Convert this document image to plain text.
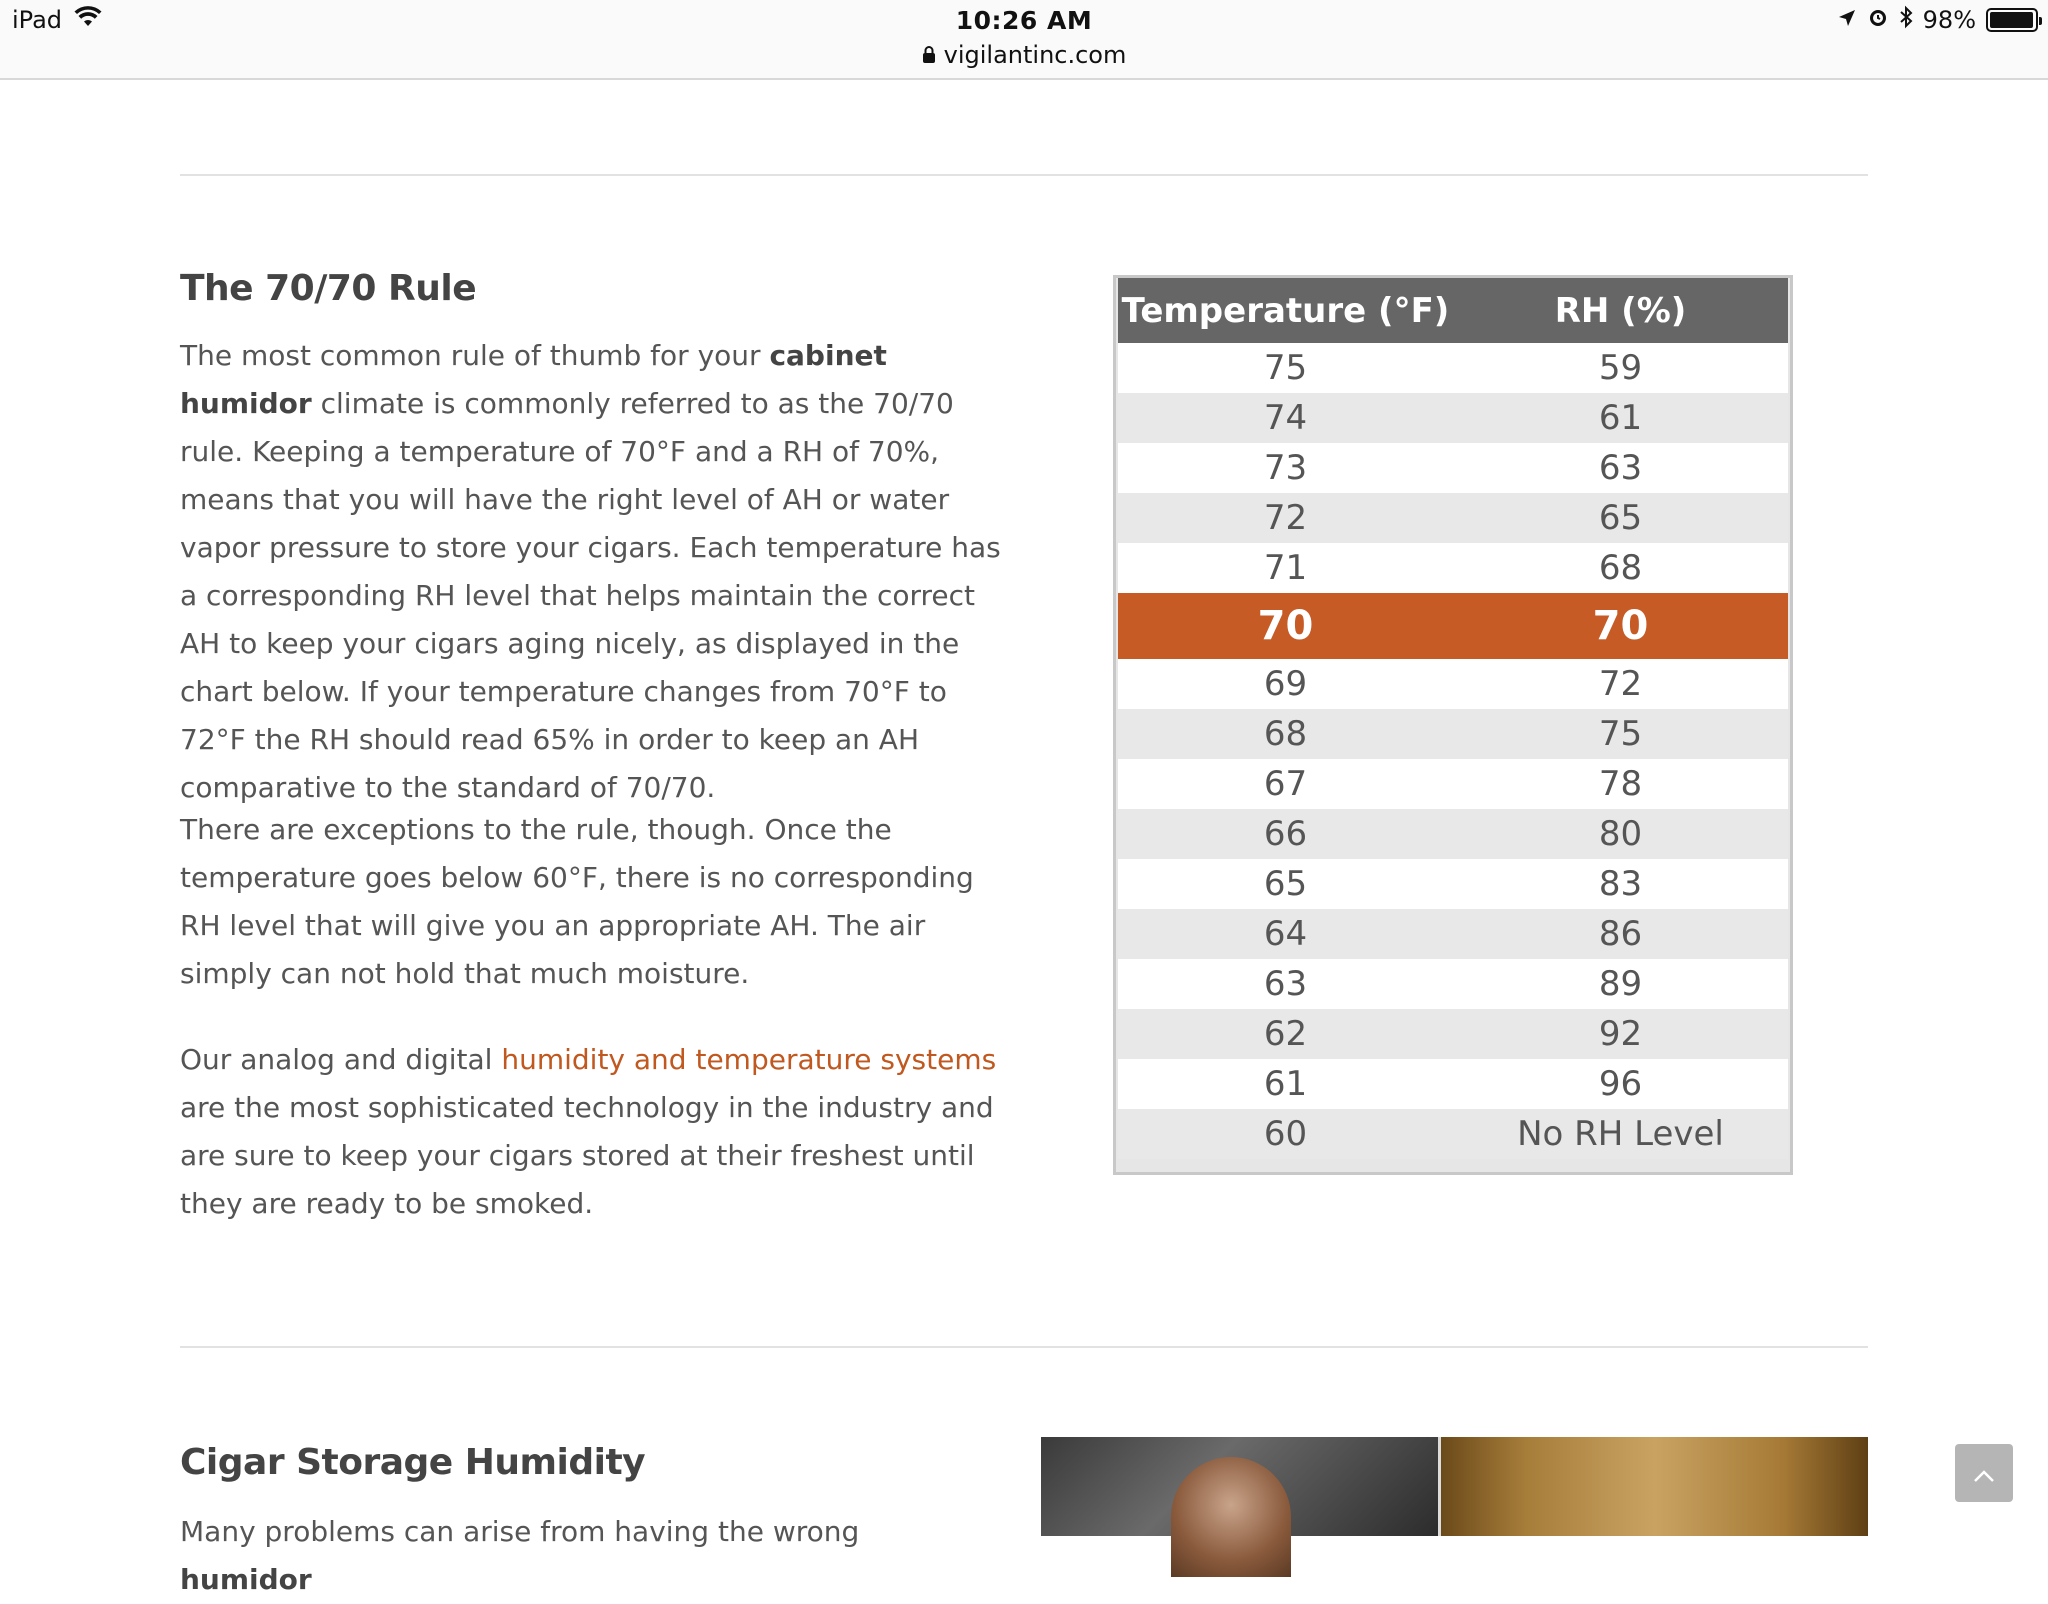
iPad	10:26 AM
vigilantinc.com
98%
The 70/70 Rule

The most common rule of thumb for your cabinet humidor climate is commonly referred to as the 70/70 rule. Keeping a temperature of 70°F and a RH of 70%, means that you will have the right level of AH or water vapor pressure to store your cigars. Each temperature has a corresponding RH level that helps maintain the correct AH to keep your cigars aging nicely, as displayed in the chart below. If your temperature changes from 70°F to 72°F the RH should read 65% in order to keep an AH comparative to the standard of 70/70.

There are exceptions to the rule, though. Once the temperature goes below 60°F, there is no corresponding RH level that will give you an appropriate AH. The air simply can not hold that much moisture.

Our analog and digital humidity and temperature systems are the most sophisticated technology in the industry and are sure to keep your cigars stored at their freshest until they are ready to be smoked.

Temperature (°F)	RH (%)
75	59
74	61
73	63
72	65
71	68
70	70
69	72
68	75
67	78
66	80
65	83
64	86
63	89
62	92
61	96
60	No RH Level
Cigar Storage Humidity

Many problems can arise from having the wrong humidor
